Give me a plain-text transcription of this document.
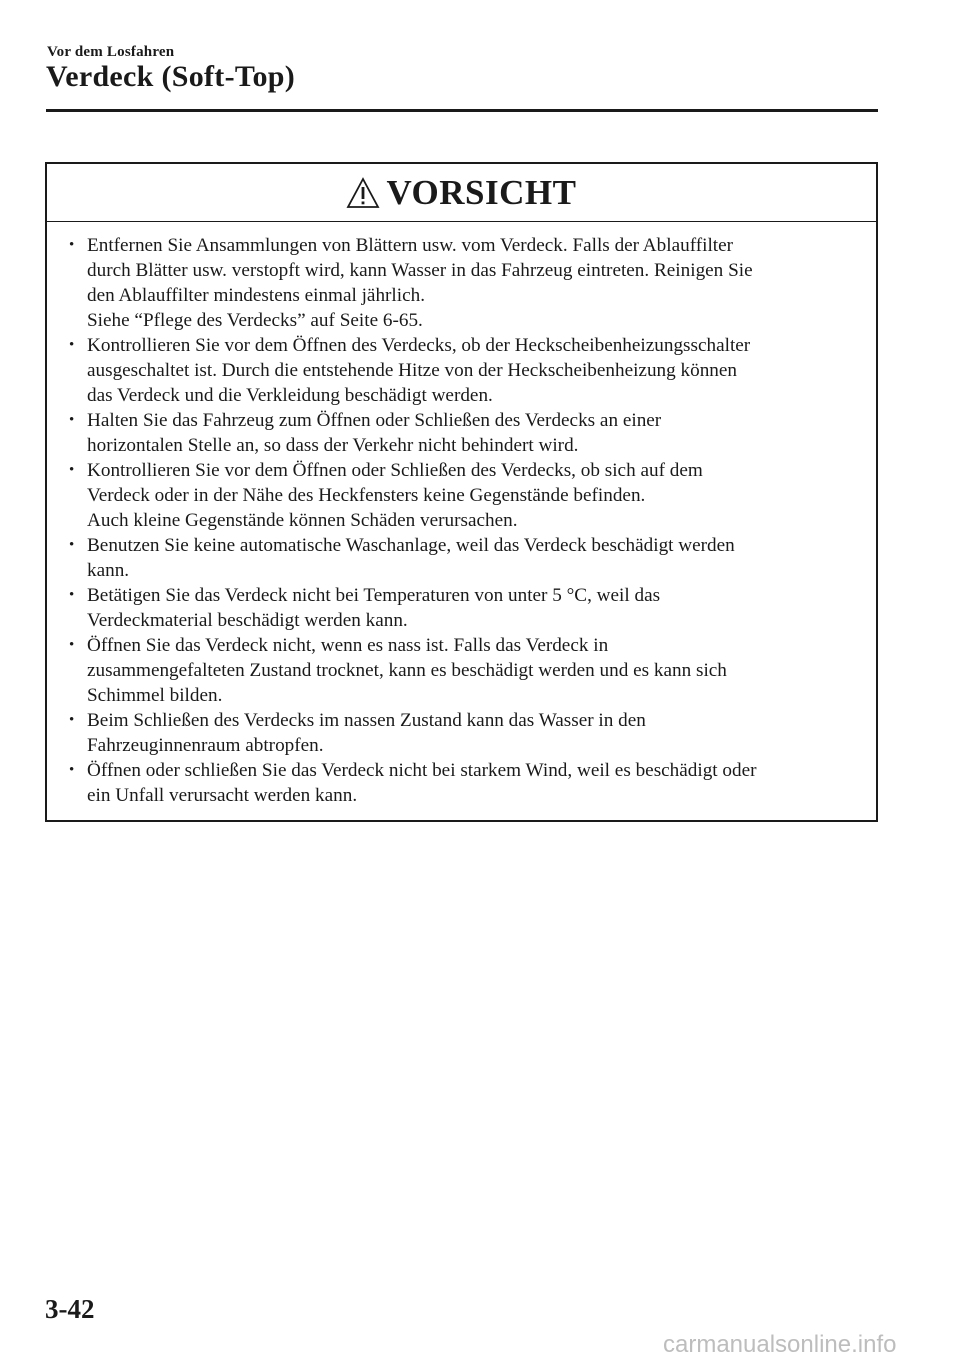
Vor dem Losfahren
Verdeck (Soft-Top)
VORSICHT
• Entfernen Sie Ansammlungen von Blättern usw. vom Verdeck. Falls der Ablauffilter
durch Blätter usw. verstopft wird, kann Wasser in das Fahrzeug eintreten. Reinigen Sie
den Ablauffilter mindestens einmal jährlich.
Siehe “Pflege des Verdecks” auf Seite 6-65.
• Kontrollieren Sie vor dem Öffnen des Verdecks, ob der Heckscheibenheizungsschalter
ausgeschaltet ist. Durch die entstehende Hitze von der Heckscheibenheizung können
das Verdeck und die Verkleidung beschädigt werden.
• Halten Sie das Fahrzeug zum Öffnen oder Schließen des Verdecks an einer
horizontalen Stelle an, so dass der Verkehr nicht behindert wird.
• Kontrollieren Sie vor dem Öffnen oder Schließen des Verdecks, ob sich auf dem
Verdeck oder in der Nähe des Heckfensters keine Gegenstände befinden.
Auch kleine Gegenstände können Schäden verursachen.
• Benutzen Sie keine automatische Waschanlage, weil das Verdeck beschädigt werden
kann.
• Betätigen Sie das Verdeck nicht bei Temperaturen von unter 5 °C, weil das
Verdeckmaterial beschädigt werden kann.
• Öffnen Sie das Verdeck nicht, wenn es nass ist. Falls das Verdeck in
zusammengefalteten Zustand trocknet, kann es beschädigt werden und es kann sich
Schimmel bilden.
• Beim Schließen des Verdecks im nassen Zustand kann das Wasser in den
Fahrzeuginnenraum abtropfen.
• Öffnen oder schließen Sie das Verdeck nicht bei starkem Wind, weil es beschädigt oder
ein Unfall verursacht werden kann.
3-42
carmanualsonline.info
